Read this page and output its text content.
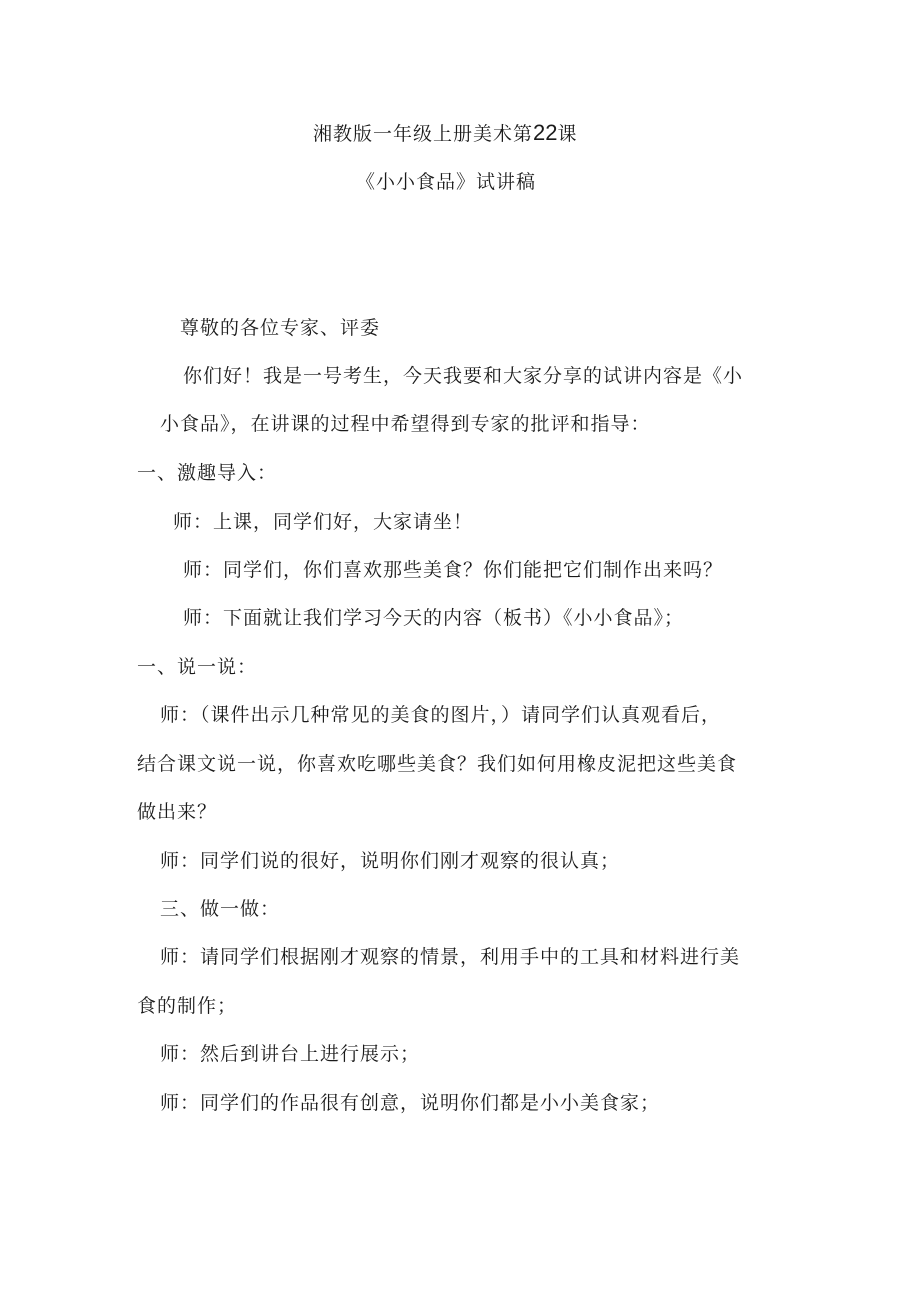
湘教版一年级上册美术第22课
《小小食品》试讲稿
尊敬的各位专家、评委
你们好！我是一号考生，今天我要和大家分享的试讲内容是《小
小食品》，在讲课的过程中希望得到专家的批评和指导：
一、激趣导入：
师：上课，同学们好，大家请坐！
师：同学们，你们喜欢那些美食？你们能把它们制作出来吗？
师：下面就让我们学习今天的内容（板书）《小小食品》；
一、说一说：
师：（课件出示几种常见的美食的图片，）请同学们认真观看后，
结合课文说一说，你喜欢吃哪些美食？我们如何用橡皮泥把这些美食
做出来？
师：同学们说的很好，说明你们刚才观察的很认真；
三、做一做：
师：请同学们根据刚才观察的情景，利用手中的工具和材料进行美
食的制作；
师：然后到讲台上进行展示；
师：同学们的作品很有创意，说明你们都是小小美食家；
